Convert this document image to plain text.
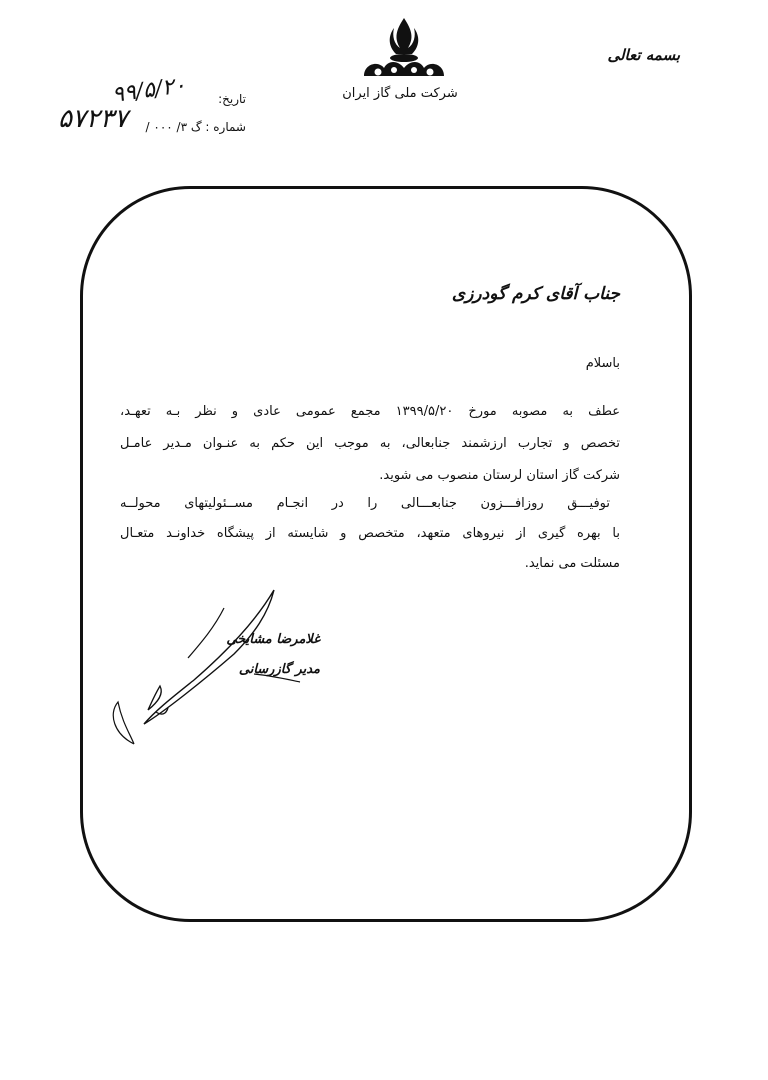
بسمه تعالی
شرکت ملی گاز ایران
تاریخ:
۹۹/۵/۲۰
شماره : گ ۳/ ۰۰۰ /
۵۷۲۳۷
جناب آقای کرم گودرزی
باسلام
عطف به مصوبه مورخ ۱۳۹۹/۵/۲۰ مجمع عمومی عادی و نظر بـه تعهـد،
تخصص و تجارب ارزشمند جنابعالی، به موجب این حکم به عنـوان مـدیر عامـل
شرکت گاز استان لرستان منصوب می شوید.
توفیـــق روزافـــزون جنابعـــالی را در انجـام مســئولیتهای محولــه
با بهره گیری از نیروهای متعهد، متخصص و شایسته از پیشگاه خداونـد متعـال
مسئلت می نماید.
غلامرضا مشایخی
مدیر گازرسانی
